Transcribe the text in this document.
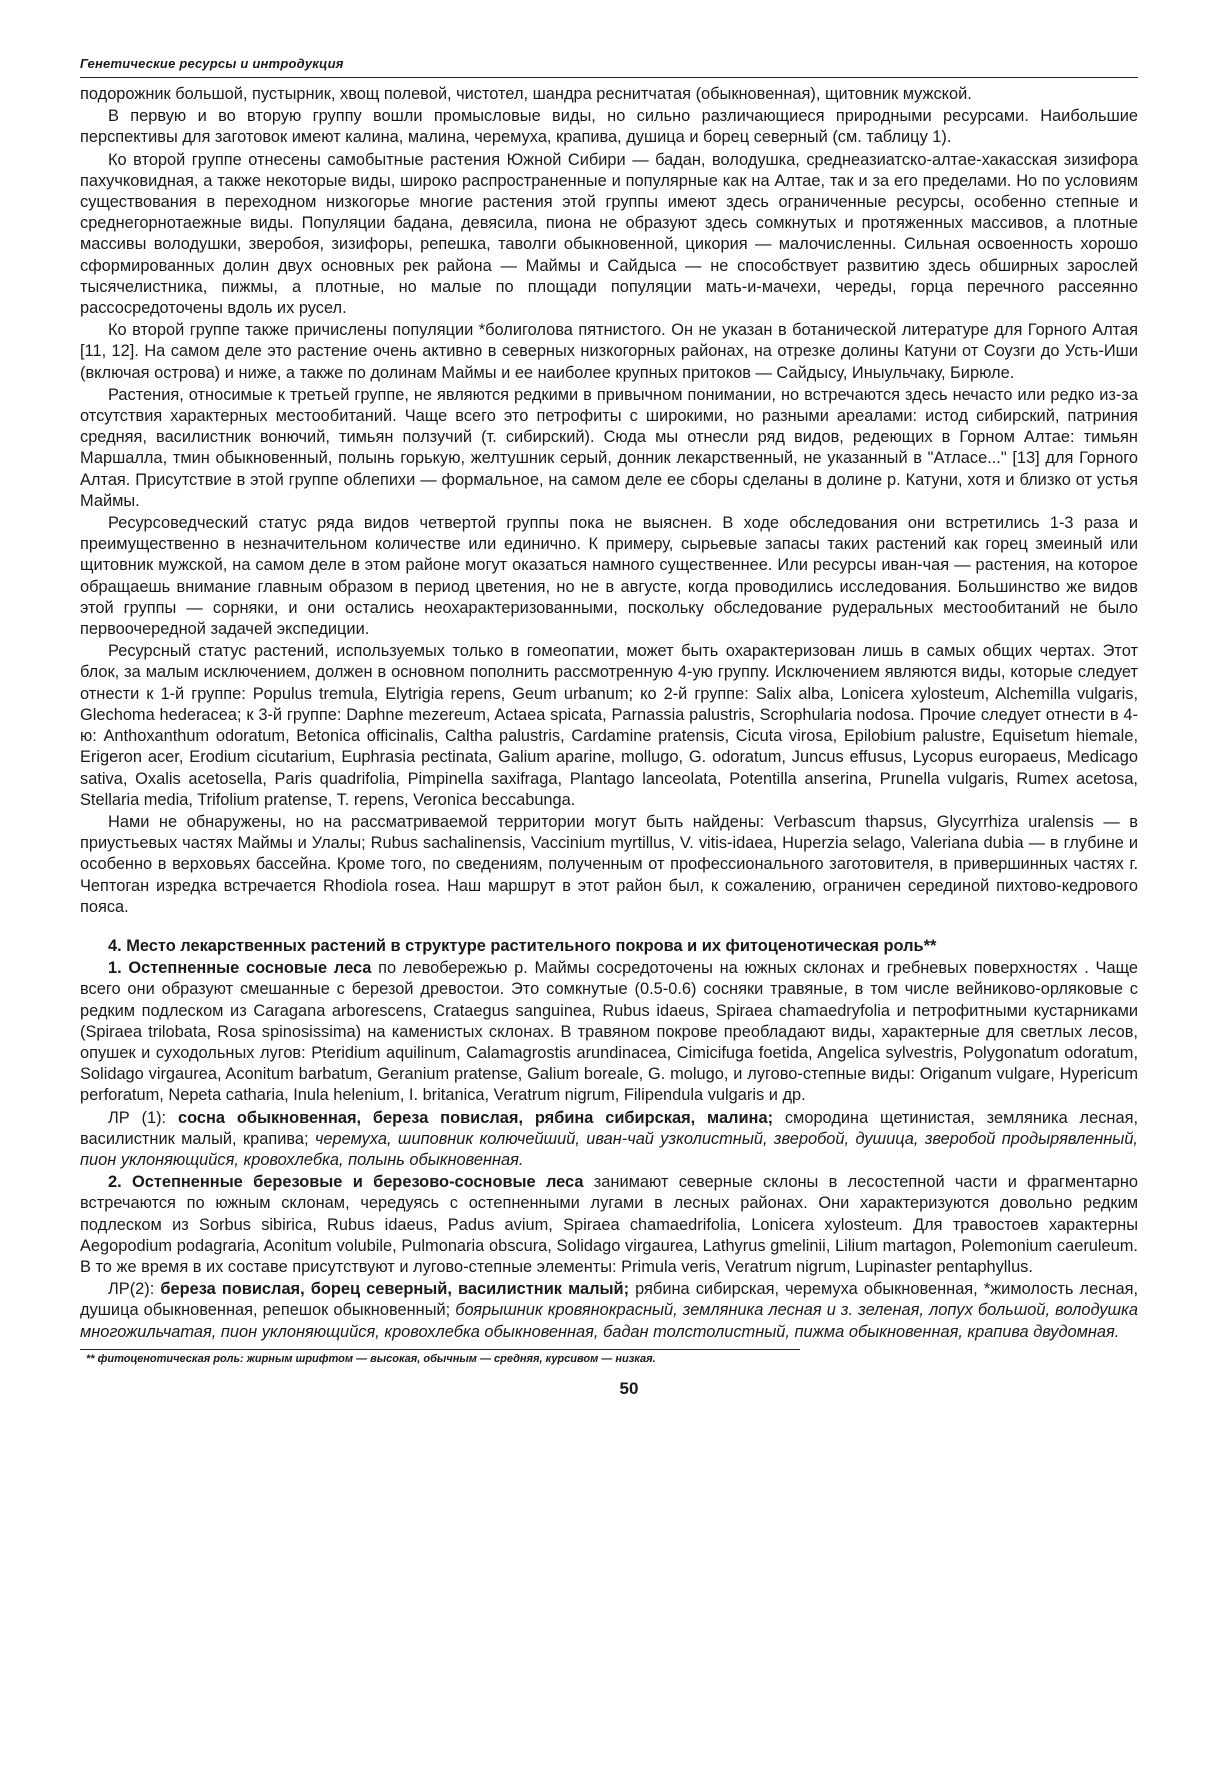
Генетические ресурсы и интродукция

подорожник большой, пустырник, хвощ полевой, чистотел, шандра реснитчатая (обыкновенная), щитовник мужской.

В первую и во вторую группу вошли промысловые виды, но сильно различающиеся природными ресурсами. Наибольшие перспективы для заготовок имеют калина, малина, черемуха, крапива, душица и борец северный (см. таблицу 1).

Ко второй группе отнесены самобытные растения Южной Сибири — бадан, володушка, среднеазиатско-алтае-хакасская зизифора пахучковидная, а также некоторые виды, широко распространенные и популярные как на Алтае, так и за его пределами. Но по условиям существования в переходном низкогорье многие растения этой группы имеют здесь ограниченные ресурсы, особенно степные и среднегорнотаежные виды. Популяции бадана, девясила, пиона не образуют здесь сомкнутых и протяженных массивов, а плотные массивы володушки, зверобоя, зизифоры, репешка, таволги обыкновенной, цикория — малочисленны. Сильная освоенность хорошо сформированных долин двух основных рек района — Маймы и Сайдыса — не способствует развитию здесь обширных зарослей тысячелистника, пижмы, а плотные, но малые по площади популяции мать-и-мачехи, череды, горца перечного рассеянно рассосредоточены вдоль их русел.

Ко второй группе также причислены популяции *болиголова пятнистого. Он не указан в ботанической литературе для Горного Алтая [11, 12]. На самом деле это растение очень активно в северных низкогорных районах, на отрезке долины Катуни от Соузги до Усть-Иши (включая острова) и ниже, а также по долинам Маймы и ее наиболее крупных притоков — Сайдысу, Иныульчаку, Бирюле.

Растения, относимые к третьей группе, не являются редкими в привычном понимании, но встречаются здесь нечасто или редко из-за отсутствия характерных местообитаний. Чаще всего это петрофиты с широкими, но разными ареалами: истод сибирский, патриния средняя, василистник вонючий, тимьян ползучий (т. сибирский). Сюда мы отнесли ряд видов, редеющих в Горном Алтае: тимьян Маршалла, тмин обыкновенный, полынь горькую, желтушник серый, донник лекарственный, не указанный в "Атласе..." [13] для Горного Алтая. Присутствие в этой группе облепихи — формальное, на самом деле ее сборы сделаны в долине р. Катуни, хотя и близко от устья Маймы.

Ресурсоведческий статус ряда видов четвертой группы пока не выяснен. В ходе обследования они встретились 1-3 раза и преимущественно в незначительном количестве или единично. К примеру, сырьевые запасы таких растений как горец змеиный или щитовник мужской, на самом деле в этом районе могут оказаться намного существеннее. Или ресурсы иван-чая — растения, на которое обращаешь внимание главным образом в период цветения, но не в августе, когда проводились исследования. Большинство же видов этой группы — сорняки, и они остались неохарактеризованными, поскольку обследование рудеральных местообитаний не было первоочередной задачей экспедиции.

Ресурсный статус растений, используемых только в гомеопатии, может быть охарактеризован лишь в самых общих чертах. Этот блок, за малым исключением, должен в основном пополнить рассмотренную 4-ую группу. Исключением являются виды, которые следует отнести к 1-й группе: Populus tremula, Elytrigia repens, Geum urbanum; ко 2-й группе: Salix alba, Lonicera xylosteum, Alchemilla vulgaris, Glechoma hederacea; к 3-й группе: Daphne mezereum, Actaea spicata, Parnassia palustris, Scrophularia nodosa. Прочие следует отнести в 4-ю: Anthoxanthum odoratum, Betonica officinalis, Caltha palustris, Cardamine pratensis, Cicuta virosa, Epilobium palustre, Equisetum hiemale, Erigeron acer, Erodium cicutarium, Euphrasia pectinata, Galium aparine, mollugo, G. odoratum, Juncus effusus, Lycopus europaeus, Medicago sativa, Oxalis acetosella, Paris quadrifolia, Pimpinella saxifraga, Plantago lanceolata, Potentilla anserina, Prunella vulgaris, Rumex acetosa, Stellaria media, Trifolium pratense, T. repens, Veronica beccabunga.

Нами не обнаружены, но на рассматриваемой территории могут быть найдены: Verbascum thapsus, Glycyrrhiza uralensis — в приустьевых частях Маймы и Улалы; Rubus sachalinensis, Vaccinium myrtillus, V. vitis-idaea, Huperzia selago, Valeriana dubia — в глубине и особенно в верховьях бассейна. Кроме того, по сведениям, полученным от профессионального заготовителя, в привершинных частях г. Чептоган изредка встречается Rhodiola rosea. Наш маршрут в этот район был, к сожалению, ограничен серединой пихтово-кедрового пояса.

4. Место лекарственных растений в структуре растительного покрова и их фитоценотическая роль**

1. Остепненные сосновые леса по левобережью р. Маймы сосредоточены на южных склонах и гребневых поверхностях . Чаще всего они образуют смешанные с березой древостои. Это сомкнутые (0.5-0.6) сосняки травяные, в том числе вейниково-орляковые с редким подлеском из Caragana arborescens, Crataegus sanguinea, Rubus idaeus, Spiraea chamaedryfolia и петрофитными кустарниками (Spiraea trilobata, Rosa spinosissima) на каменистых склонах. В травяном покрове преобладают виды, характерные для светлых лесов, опушек и суходольных лугов: Pteridium aquilinum, Calamagrostis arundinacea, Cimicifuga foetida, Angelica sylvestris, Polygonatum odoratum, Solidago virgaurea, Aconitum barbatum, Geranium pratense, Galium boreale, G. molugo, и лугово-степные виды: Origanum vulgare, Hypericum perforatum, Nepeta catharia, Inula helenium, I. britanica, Veratrum nigrum, Filipendula vulgaris и др.

ЛР (1): сосна обыкновенная, береза повислая, рябина сибирская, малина; смородина щетинистая, земляника лесная, василистник малый, крапива; черемуха, шиповник колючейший, иван-чай узколистный, зверобой, душица, зверобой продырявленный, пион уклоняющийся, кровохлебка, полынь обыкновенная.

2. Остепненные березовые и березово-сосновые леса занимают северные склоны в лесостепной части и фрагментарно встречаются по южным склонам, чередуясь с остепненными лугами в лесных районах. Они характеризуются довольно редким подлеском из Sorbus sibirica, Rubus idaeus, Padus avium, Spiraea chamaedrifolia, Lonicera xylosteum. Для травостоев характерны Aegopodium podagraria, Aconitum volubile, Pulmonaria obscura, Solidago virgaurea, Lathyrus gmelinii, Lilium martagon, Polemonium caeruleum. В то же время в их составе присутствуют и лугово-степные элементы: Primula veris, Veratrum nigrum, Lupinaster pentaphyllus.

ЛР(2): береза повислая, борец северный, василистник малый; рябина сибирская, черемуха обыкновенная, *жимолость лесная, душица обыкновенная, репешок обыкновенный; боярышник кровянокрасный, земляника лесная и з. зеленая, лопух большой, володушка многожильчатая, пион уклоняющийся, кровохлебка обыкновенная, бадан толстолистный, пижма обыкновенная, крапива двудомная.

** фитоценотическая роль: жирным шрифтом — высокая, обычным — средняя, курсивом — низкая.
50
